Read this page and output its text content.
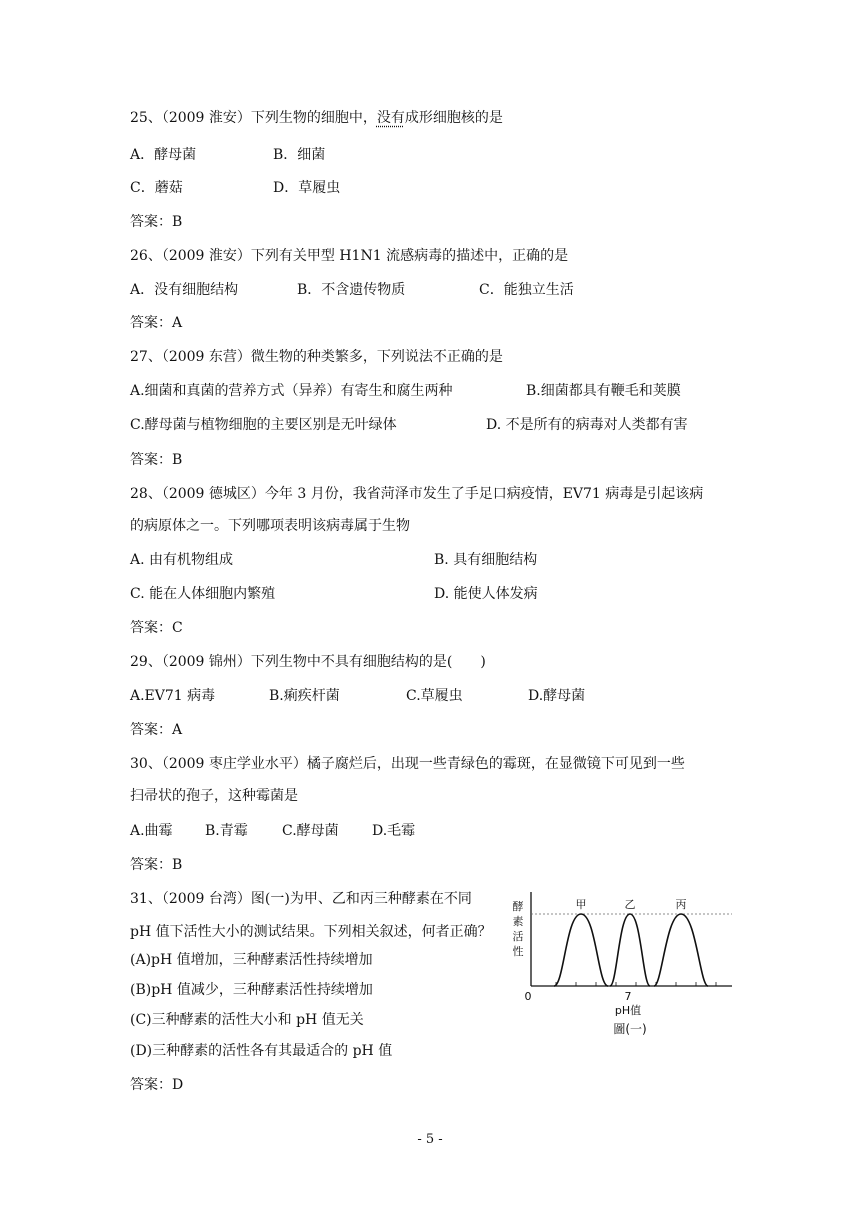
25、（2009 淮安）下列生物的细胞中，没有成形细胞核的是
A．酵母菌	B．细菌
C．蘑菇	D．草履虫
答案：B
26、（2009 淮安）下列有关甲型 H1N1 流感病毒的描述中，正确的是
A．没有细胞结构	B．不含遗传物质	C．能独立生活
答案：A
27、（2009 东营）微生物的种类繁多，下列说法不正确的是
A.细菌和真菌的营养方式（异养）有寄生和腐生两种	B.细菌都具有鞭毛和荚膜
C.酵母菌与植物细胞的主要区别是无叶绿体	D. 不是所有的病毒对人类都有害
答案：B
28、（2009 德城区）今年 3 月份，我省菏泽市发生了手足口病疫情，EV71 病毒是引起该病
的病原体之一。下列哪项表明该病毒属于生物
A. 由有机物组成	B. 具有细胞结构
C. 能在人体细胞内繁殖	D. 能使人体发病
答案：C
29、（2009 锦州）下列生物中不具有细胞结构的是(　　)
A.EV71 病毒	B.痢疾杆菌	C.草履虫	D.酵母菌
答案：A
30、（2009 枣庄学业水平）橘子腐烂后，出现一些青绿色的霉斑，在显微镜下可见到一些
扫帚状的孢子，这种霉菌是
A.曲霉 B.青霉 C.酵母菌 D.毛霉
答案：B
31、（2009 台湾）图(一)为甲、乙和丙三种酵素在不同
pH 值下活性大小的测试结果。下列相关叙述，何者正确？
(A)pH 值增加，三种酵素活性持续增加
(B)pH 值减少，三种酵素活性持续增加
(C)三种酵素的活性大小和 pH 值无关
(D)三种酵素的活性各有其最适合的 pH 值
答案：D
酵
素
活
性
甲	乙	丙
0	7
pH值
圖(一)
- 5 -
